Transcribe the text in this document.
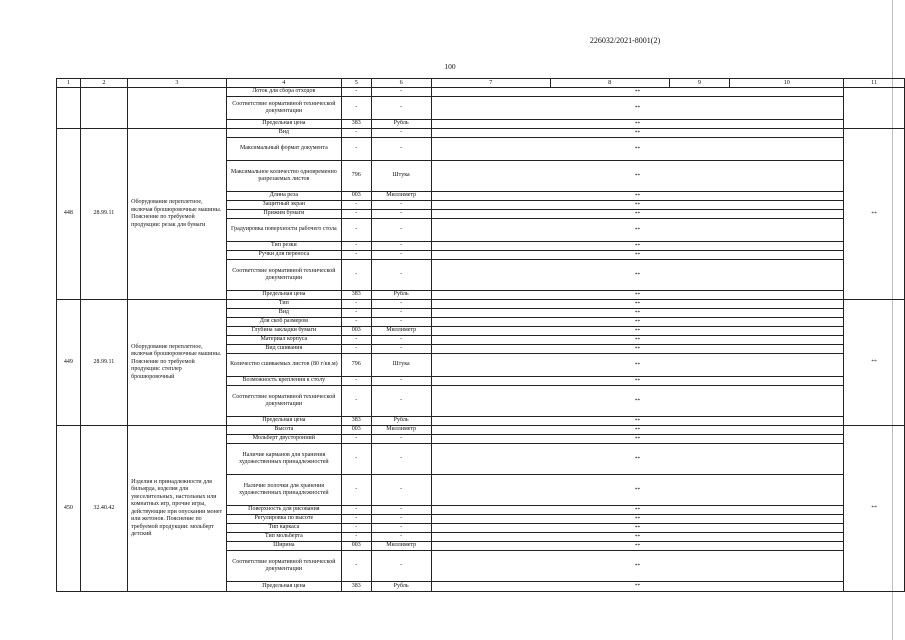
226032/2021-8001(2)
100
1	2	3	4	5	6	7	8	9	10	11
			Лоток для сбора отходов	-	-	**				
			Соответствие нормативной технической документации	-	-	**				
			Предельная цена	383	Рубль	**				
448	28.99.11	Оборудование переплетное, включая брошюровочные машины. Пояснение по требуемой продукции: резак для бумаги	Вид	-	-	**				**
			Максимальный формат документа	-	-	**				
			Максимальное количество одновременно разрезаемых листов	796	Штука	**				
			Длина реза	003	Миллиметр	**				
			Защитный экран	-	-	**				
			Прижим бумаги	-	-	**				
			Градуировка поверхности рабочего стола	-	-	**				
			Тип резки	-	-	**				
			Ручки для переноса	-	-	**				
			Соответствие нормативной технической документации	-	-	**				
			Предельная цена	383	Рубль	**				
449	28.99.11	Оборудование переплетное, включая брошюровочные машины. Пояснение по требуемой продукции: степлер брошюровочный	Тип	-	-	**				**
			Вид	-	-	**				
			Для скоб размером	-	-	**				
			Глубина закладки бумаги	003	Миллиметр	**				
			Материал корпуса	-	-	**				
			Вид сшивания	-	-	**				
			Количество сшиваемых листов (80 г/кв.м)	796	Штука	**				
			Возможность крепления к столу	-	-	**				
			Соответствие нормативной технической документации	-	-	**				
			Предельная цена	383	Рубль	**				
450	32.40.42	Изделия и принадлежности для бильярда, изделия для увеселительных, настольных или комнатных игр, прочие игры, действующие при опускании монет или жетонов. Пояснение по требуемой продукции: мольберт детский	Высота	003	Миллиметр	**				**
			Мольберт двусторонний	-	-	**				
			Наличие карманов для хранения художественных принадлежностей	-	-	**				
			Наличие полочки для хранения художественных принадлежностей	-	-	**				
			Поверхность для рисования	-	-	**				
			Регулировка по высоте	-	-	**				
			Тип каркаса	-	-	**				
			Тип мольберта	-	-	**				
			Ширина	003	Миллиметр	**				
			Соответствие нормативной технической документации	-	-	**				
			Предельная цена	383	Рубль	**				
